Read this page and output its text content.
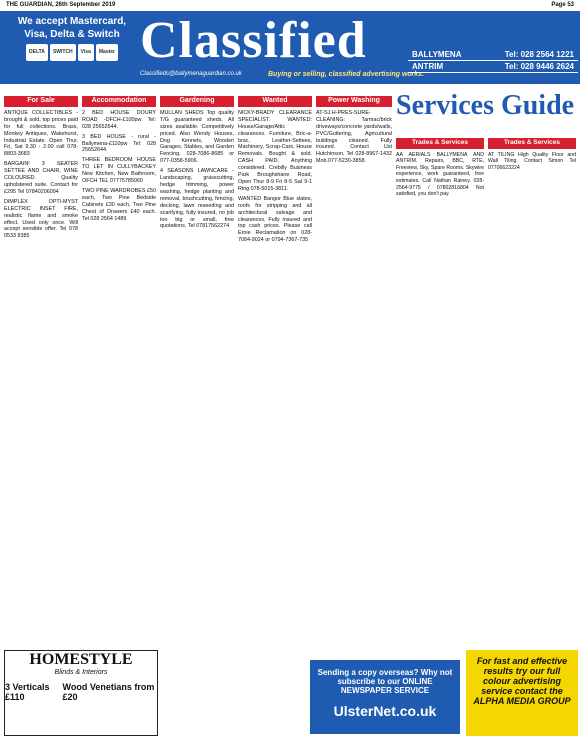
THE GUARDIAN, 26th September 2019	Page 53
We accept Mastercard,
Visa, Delta & Switch
DELTA	SWITCH	Visa	Master Classified
Classifieds@ballymenaguardian.co.uk	Buying or selling, classified advertising works.
BALLYMENA	Tel: 028 2564 1221
ANTRIM	Tel: 028 9446 2624
For Sale
ANTIQUE COLLECTIBLES - brought & sold, top prices paid for full collections. Brass, Monkey Antiques, Wakehurst, Industrial Estate. Open Thur, Fri, Sat 9.30 - 2.00 call 078-8803-3683
BARGAIN! 3 SEATER SETTEE AND CHAIR, WINE COLOURED. Quality upholstered suite. Contact for £295 Tel 07840206094
DIMPLEX OPTI-MYST ELECTRIC INSET FIRE, realistic flame and smoke effect. Used only once. Will accept sensible offer. Tel 078 0533 8385
Accommodation
2 BED HOUSE DOURY ROAD -DFCH-£100pw Tel: 028 25652644.
3 BED HOUSE - rural - Ballymena-£110pw Tel: 028 25652644.
THREE BEDROOM HOUSE TO LET IN CULLYBACKEY New Kitchen, New Bathroom, OFCH TEL 07775785060
TWO PINE WARDROBES £50 each, Two Pine Bedside Cabinets £30 each, Two Pine Chest of Drawers £40 each. Tel 028 2564 1489
Gardening
MULLAN SHEDS Top quality T/G guaranteed sheds. All sizes available. Competitively priced. Also Wendy Houses, Dog Kennels, Wooden Garages, Stables, and Garden Fencing. 028-7086-8685 or 077-0358-5906.
4 SEASONS LAWNCARE - Landscaping, grasscutting, hedge trimming, power washing, hedge planting and removal, brushcutting, fencing, decking, lawn reseeding and scarifying, fully insured, no job too big or small, free quotations. Tel 07817562274
Wanted
NICKY-BRADY CLEARANCE SPECIALIST. WANTED: House/Garage/Attic clearances. Furniture, Bric-a-brac, Leather-Settees, Machinery, Scrap-Cars, House Removals. Bought & sold. CASH PAID. Anything considered. Crebilly Business Park Broughshane Road, Open Thur 8-9 Fri 8-5 Sat 9-1 Ring 078-5015-3811.
WANTED Bangor Blue slates, roofs for stripping and all architectural salvage and clearances. Fully insured and top cash prices. Please call Ernie Reclamation on 028-7084-9024 or 0794-7367-735
Power Washing
AT-SJ.H-PRES-SURE-CLEANING: Tarmac/brick driveways/concrete yards/walls, PVC/Guttering, Agricultural buildings cleaned. Fully insured. Contact Ust Hutchinson. Tel 028-8967-1432 Mob.077-5230-3858.
Services Guide
Trades & Services
AA AERIALS BALLYMENA AND ANTRIM. Repairs, BBC, RTE, Freeview, Sky, Spare Rooms. Skywire experience, work guaranteed, free estimates. Call Nathan Rainey. 028-2564-9775 / 07802816804 Not satisfied, you don't pay.
Trades & Services
AT TILING High Quality Floor and Wall Tiling. Contact Simon Tel 07706623224
HOMESTYLE
Blinds & Interiors
3 Verticals £110
Wood Venetians from £20
Sending a copy overseas? Why not subscribe to our ONLINE NEWSPAPER SERVICE
UlsterNet.co.uk
For fast and effective results try our full colour advertising service contact the ALPHA MEDIA GROUP
